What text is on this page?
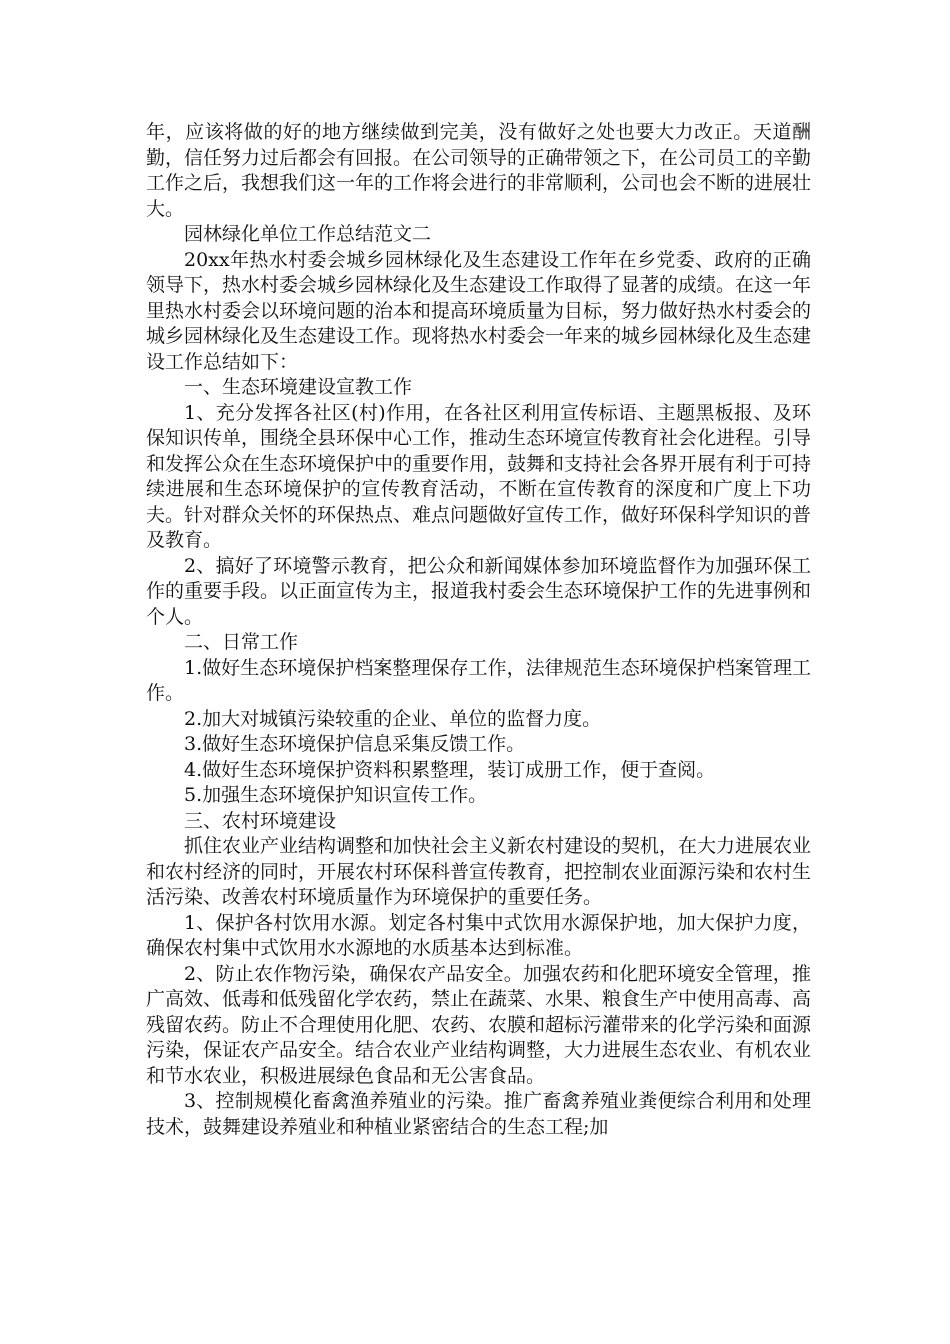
年，应该将做的好的地方继续做到完美，没有做好之处也要大力改正。天道酬勤，信任努力过后都会有回报。在公司领导的正确带领之下，在公司员工的辛勤工作之后，我想我们这一年的工作将会进行的非常顺利，公司也会不断的进展壮大。

园林绿化单位工作总结范文二

20xx年热水村委会城乡园林绿化及生态建设工作年在乡党委、政府的正确领导下，热水村委会城乡园林绿化及生态建设工作取得了显著的成绩。在这一年里热水村委会以环境问题的治本和提高环境质量为目标，努力做好热水村委会的城乡园林绿化及生态建设工作。现将热水村委会一年来的城乡园林绿化及生态建设工作总结如下：

一、生态环境建设宣教工作

1、充分发挥各社区(村)作用，在各社区利用宣传标语、主题黑板报、及环保知识传单，围绕全县环保中心工作，推动生态环境宣传教育社会化进程。引导和发挥公众在生态环境保护中的重要作用，鼓舞和支持社会各界开展有利于可持续进展和生态环境保护的宣传教育活动，不断在宣传教育的深度和广度上下功夫。针对群众关怀的环保热点、难点问题做好宣传工作，做好环保科学知识的普及教育。

2、搞好了环境警示教育，把公众和新闻媒体参加环境监督作为加强环保工作的重要手段。以正面宣传为主，报道我村委会生态环境保护工作的先进事例和个人。

二、日常工作

1.做好生态环境保护档案整理保存工作，法律规范生态环境保护档案管理工作。

2.加大对城镇污染较重的企业、单位的监督力度。

3.做好生态环境保护信息采集反馈工作。

4.做好生态环境保护资料积累整理，装订成册工作，便于查阅。

5.加强生态环境保护知识宣传工作。

三、农村环境建设

抓住农业产业结构调整和加快社会主义新农村建设的契机，在大力进展农业和农村经济的同时，开展农村环保科普宣传教育，把控制农业面源污染和农村生活污染、改善农村环境质量作为环境保护的重要任务。

1、保护各村饮用水源。划定各村集中式饮用水源保护地，加大保护力度，确保农村集中式饮用水水源地的水质基本达到标准。

2、防止农作物污染，确保农产品安全。加强农药和化肥环境安全管理，推广高效、低毒和低残留化学农药，禁止在蔬菜、水果、粮食生产中使用高毒、高残留农药。防止不合理使用化肥、农药、农膜和超标污灌带来的化学污染和面源污染，保证农产品安全。结合农业产业结构调整，大力进展生态农业、有机农业和节水农业，积极进展绿色食品和无公害食品。

3、控制规模化畜禽渔养殖业的污染。推广畜禽养殖业粪便综合利用和处理技术，鼓舞建设养殖业和种植业紧密结合的生态工程;加
